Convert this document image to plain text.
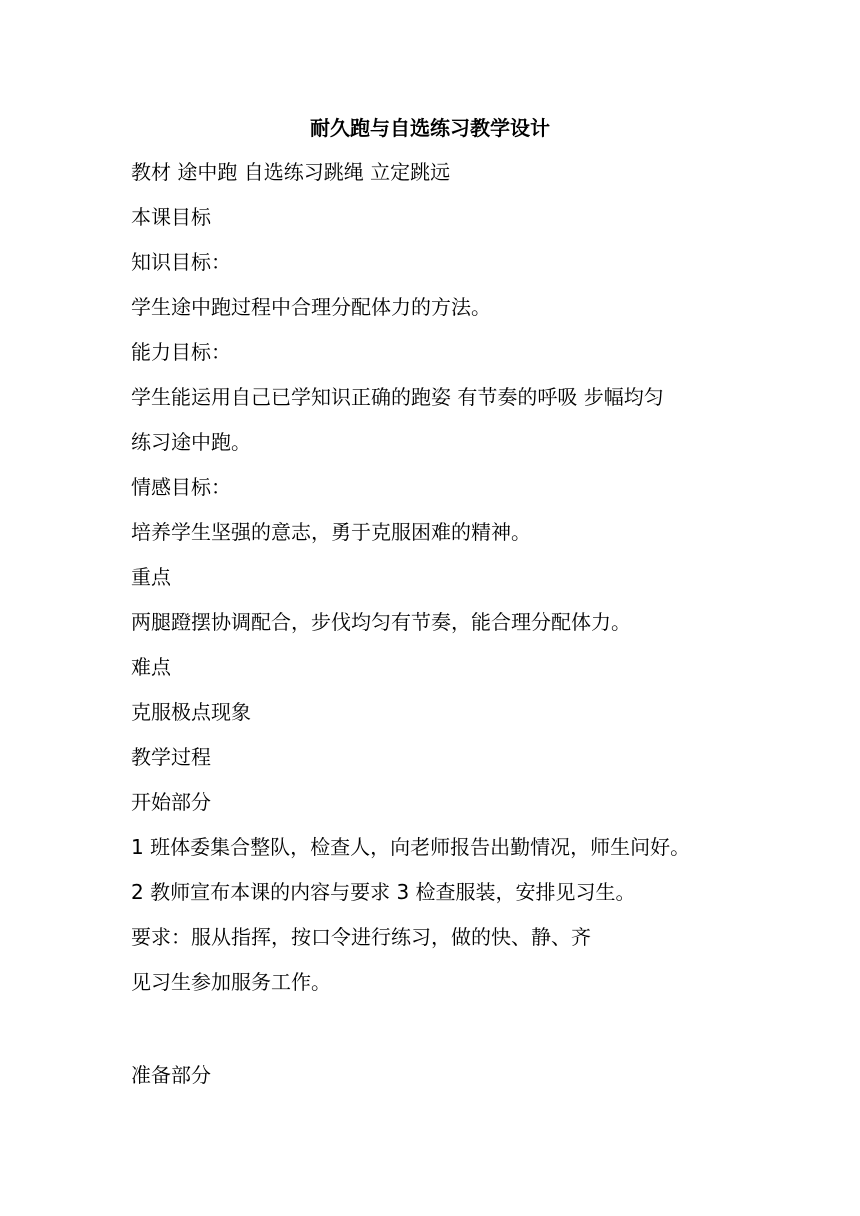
耐久跑与自选练习教学设计
教材 途中跑 自选练习跳绳 立定跳远
本课目标
知识目标：
学生途中跑过程中合理分配体力的方法。
能力目标：
学生能运用自己已学知识正确的跑姿 有节奏的呼吸 步幅均匀
练习途中跑。
情感目标：
培养学生坚强的意志，勇于克服困难的精神。
重点
两腿蹬摆协调配合，步伐均匀有节奏，能合理分配体力。
难点
克服极点现象
教学过程
开始部分
1 班体委集合整队，检查人，向老师报告出勤情况，师生问好。
2 教师宣布本课的内容与要求 3 检查服装，安排见习生。
要求：服从指挥，按口令进行练习，做的快、静、齐
见习生参加服务工作。
准备部分
